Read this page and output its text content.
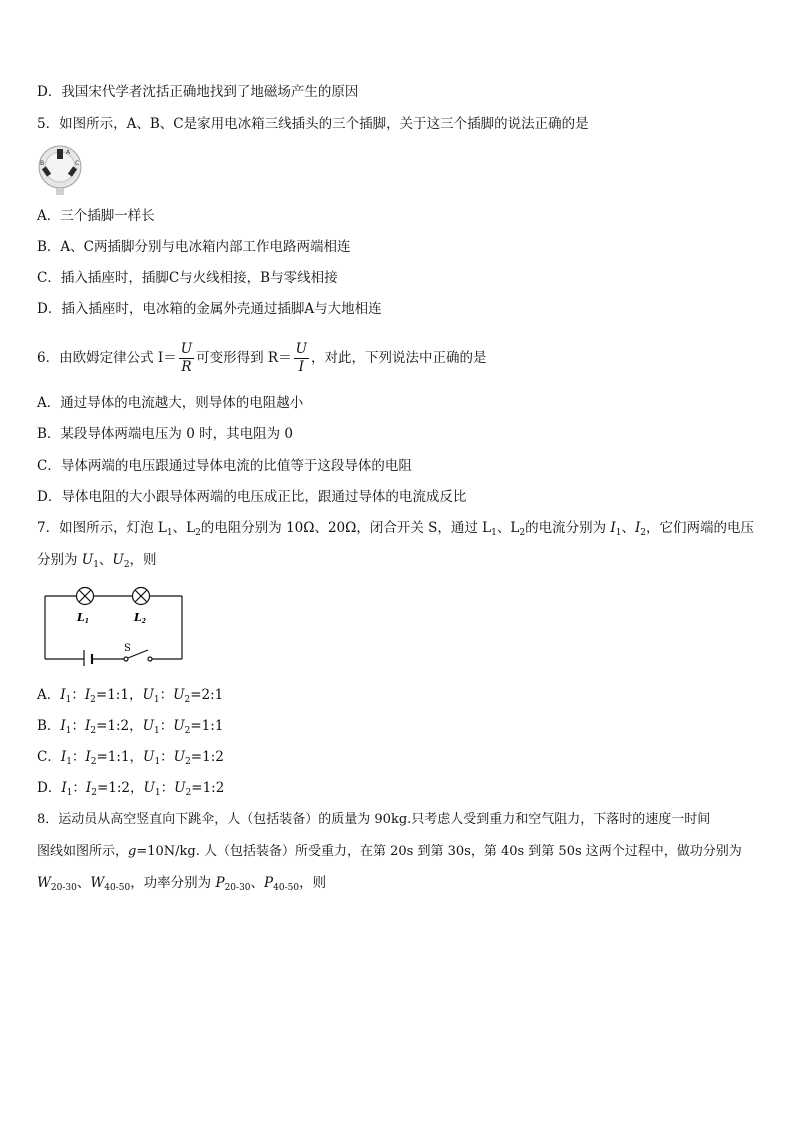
D．我国宋代学者沈括正确地找到了地磁场产生的原因
5．如图所示，A、B、C是家用电冰箱三线插头的三个插脚，关于这三个插脚的说法正确的是
A
B	C
A．三个插脚一样长
B．A、C两插脚分别与电冰箱内部工作电路两端相连
C．插入插座时，插脚C与火线相接，B与零线相接
D．插入插座时，电冰箱的金属外壳通过插脚A与大地相连
6．由欧姆定律公式 $I= \frac{U}{R}$ 可变形得到 $R= \frac{U}{I}$ ，对此，下列说法中正确的是
A．通过导体的电流越大，则导体的电阻越小
B．某段导体两端电压为 0 时，其电阻为 0
C．导体两端的电压跟通过导体电流的比值等于这段导体的电阻
D．导体电阻的大小跟导体两端的电压成正比，跟通过导体的电流成反比
7．如图所示，灯泡 $L_1$、$L_2$的电阻分别为 10Ω、20Ω，闭合开关 S，通过 $L_1$、$L_2$的电流分别为 $I_1$、$I_2$，它们两端的电压
分别为 $U_1$、$U_2$，则
L1	L2
S
A．$I_1$：$I_2=1:1$，$U_1$：$U_2=2:1$
B．$I_1$：$I_2=1:2$，$U_1$：$U_2=1:1$
C．$I_1$：$I_2=1:1$，$U_1$：$U_2=1:2$
D．$I_1$：$I_2=1:2$，$U_1$：$U_2=1:2$
8．运动员从高空竖直向下跳伞，人（包括装备）的质量为 90kg.只考虑人受到重力和空气阻力，下落时的速度一时间
图线如图所示，g=10N/kg. 人（包括装备）所受重力，在第 20s 到第 30s，第 40s 到第 50s 这两个过程中，做功分别为
$W_{20-30}$、$W_{40-50}$，功率分别为 $P_{20-30}$、$P_{40-50}$，则
